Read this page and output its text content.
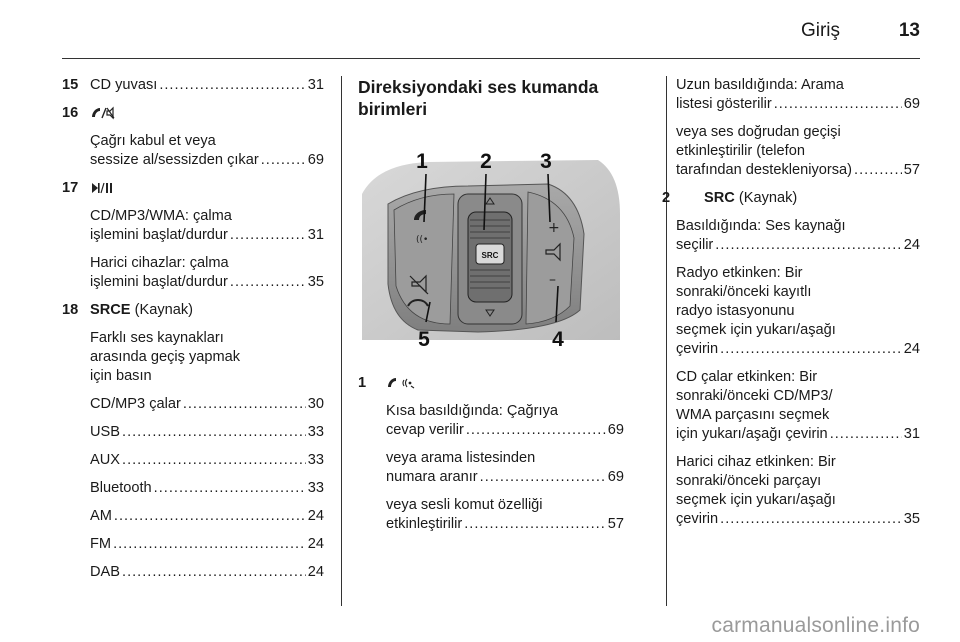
Giriş	13
15 CD yuvası .....	31
16
Çağrı kabul et veya
sessize al/sessizden çıkar .....	69
17
CD/MP3/WMA: çalma
işlemini başlat/durdur .....	31
Harici cihazlar: çalma
işlemini başlat/durdur .....	35
18 SRCE (Kaynak)
Farklı ses kaynakları
arasında geçiş yapmak
için basın
CD/MP3 çalar .....	30
USB .....	33
AUX .....	33
Bluetooth .....	33
AM .....	24
FM .....	24
DAB .....	24
Direksiyondaki ses kumanda
birimleri
SRC
((•
+
–
1 2 3
4
5
1
Kısa basıldığında: Çağrıya
cevap verilir .....	69
veya arama listesinden
numara aranır .....	69
veya sesli komut özelliği
etkinleştirilir .....	57
Uzun basıldığında: Arama
listesi gösterilir .....	69
veya ses doğrudan geçişi
etkinleştirilir (telefon
tarafından destekleniyorsa) .....	57
2	SRC (Kaynak)
Basıldığında: Ses kaynağı
seçilir .....	24
Radyo etkinken: Bir
sonraki/önceki kayıtlı
radyo istasyonunu
seçmek için yukarı/aşağı
çevirin .....	24
CD çalar etkinken: Bir
sonraki/önceki CD/MP3/
WMA parçasını seçmek
için yukarı/aşağı çevirin .....	31
Harici cihaz etkinken: Bir
sonraki/önceki parçayı
seçmek için yukarı/aşağı
çevirin .....	35
carmanualsonline.info
